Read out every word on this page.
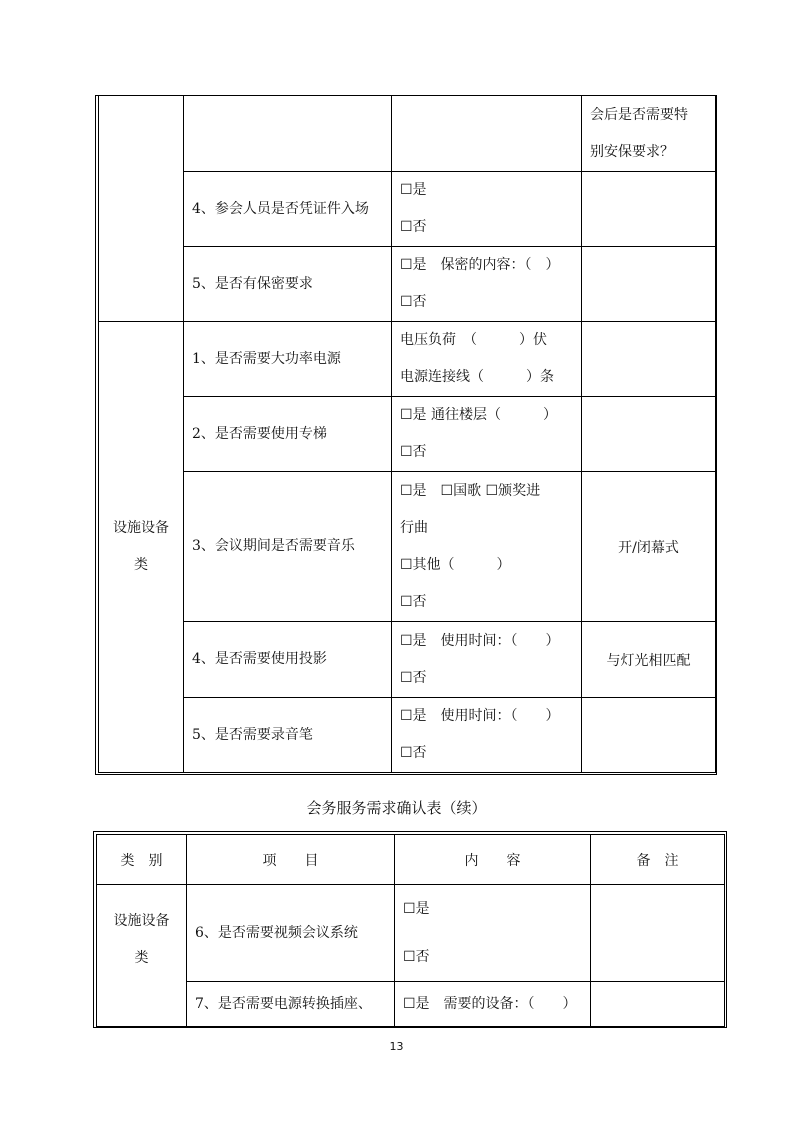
			会后是否需要特
别安保要求？

	4、参会人员是否凭证件入场	☐是
☐否	

	5、是否有保密要求	☐是　保密的内容：（　）
☐否	

设施设备
类	1、是否需要大功率电源	电压负荷　（　　　）伏
电源连接线（　　　）条	

	2、是否需要使用专梯	☐是 通往楼层（　　　）
☐否	

	3、会议期间是否需要音乐	☐是　☐国歌 ☐颁奖进
行曲
☐其他（　　　）
☐否	开/闭幕式

	4、是否需要使用投影	☐是　使用时间：（　　）
☐否	与灯光相匹配

	5、是否需要录音笔	☐是　使用时间：（　　）
☐否	

会务服务需求确认表（续）
类　别	项　　目	内　　容	备　注

设施设备
类	6、是否需要视频会议系统	☐是
☐否	

	7、是否需要电源转换插座、	☐是　需要的设备：（　　）	

13
